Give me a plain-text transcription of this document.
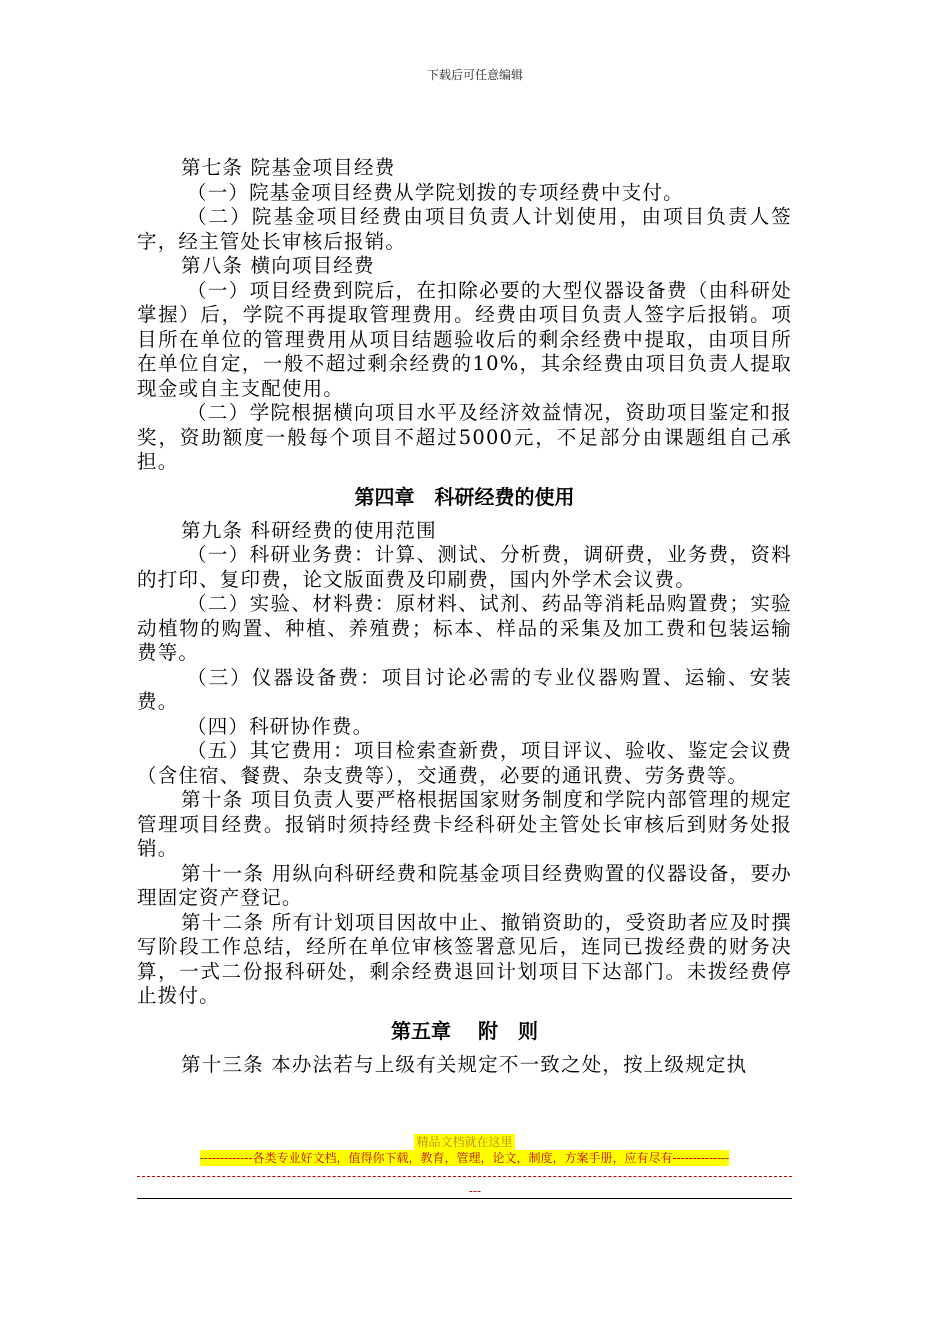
下载后可任意编辑

第七条 院基金项目经费

（一）院基金项目经费从学院划拨的专项经费中支付。

（二）院基金项目经费由项目负责人计划使用，由项目负责人签字，经主管处长审核后报销。

第八条 横向项目经费

（一）项目经费到院后，在扣除必要的大型仪器设备费（由科研处掌握）后，学院不再提取管理费用。经费由项目负责人签字后报销。项目所在单位的管理费用从项目结题验收后的剩余经费中提取，由项目所在单位自定，一般不超过剩余经费的10%，其余经费由项目负责人提取现金或自主支配使用。

（二）学院根据横向项目水平及经济效益情况，资助项目鉴定和报奖，资助额度一般每个项目不超过5000元，不足部分由课题组自己承担。

第四章　科研经费的使用

第九条 科研经费的使用范围

（一）科研业务费：计算、测试、分析费，调研费，业务费，资料的打印、复印费，论文版面费及印刷费，国内外学术会议费。

（二）实验、材料费：原材料、试剂、药品等消耗品购置费；实验动植物的购置、种植、养殖费；标本、样品的采集及加工费和包装运输费等。

（三）仪器设备费：项目讨论必需的专业仪器购置、运输、安装费。

（四）科研协作费。

（五）其它费用：项目检索查新费，项目评议、验收、鉴定会议费（含住宿、餐费、杂支费等），交通费，必要的通讯费、劳务费等。

第十条 项目负责人要严格根据国家财务制度和学院内部管理的规定管理项目经费。报销时须持经费卡经科研处主管处长审核后到财务处报销。

第十一条 用纵向科研经费和院基金项目经费购置的仪器设备，要办理固定资产登记。

第十二条 所有计划项目因故中止、撤销资助的，受资助者应及时撰写阶段工作总结，经所在单位审核签署意见后，连同已拨经费的财务决算，一式二份报科研处，剩余经费退回计划项目下达部门。未拨经费停止拨付。

第五章　 附　则

第十三条 本办法若与上级有关规定不一致之处，按上级规定执

精品文档就在这里
-------------各类专业好文档，值得你下载，教育，管理，论文，制度，方案手册，应有尽有--------------
---
